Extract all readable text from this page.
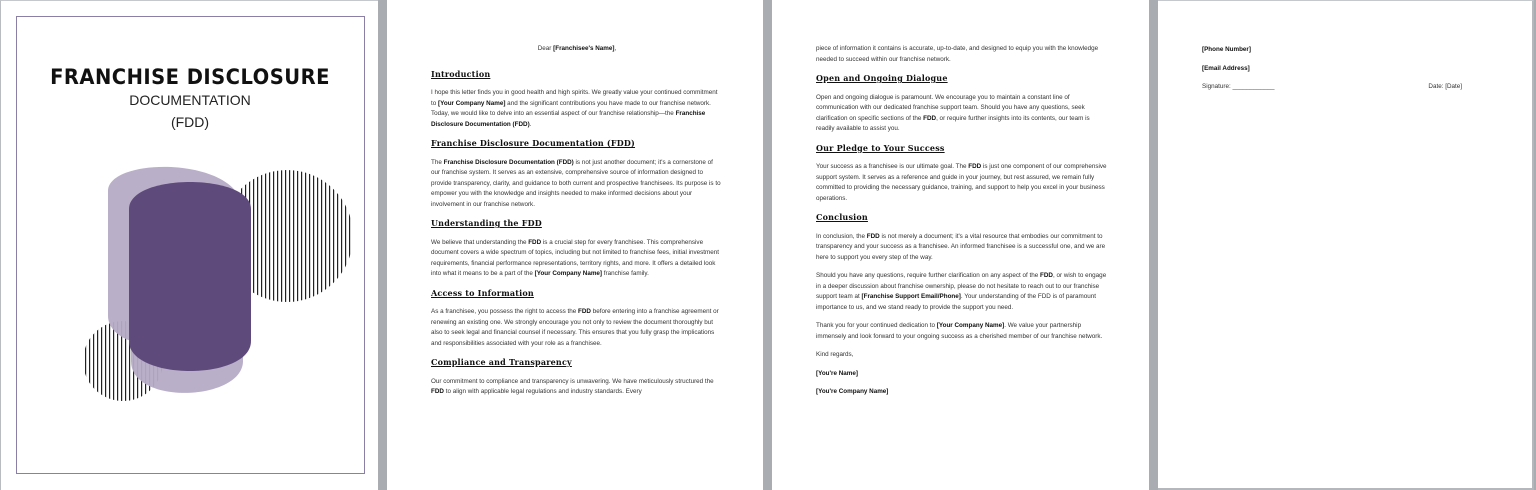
FRANCHISE DISCLOSURE
DOCUMENTATION
(FDD)

Dear [Franchisee's Name],

Introduction

I hope this letter finds you in good health and high spirits. We greatly value your continued commitment to [Your Company Name] and the significant contributions you have made to our franchise network. Today, we would like to delve into an essential aspect of our franchise relationship—the Franchise Disclosure Documentation (FDD).

Franchise Disclosure Documentation (FDD)

The Franchise Disclosure Documentation (FDD) is not just another document; it's a cornerstone of our franchise system. It serves as an extensive, comprehensive source of information designed to provide transparency, clarity, and guidance to both current and prospective franchisees. Its purpose is to empower you with the knowledge and insights needed to make informed decisions about your involvement in our franchise network.

Understanding the FDD

We believe that understanding the FDD is a crucial step for every franchisee. This comprehensive document covers a wide spectrum of topics, including but not limited to franchise fees, initial investment requirements, financial performance representations, territory rights, and more. It offers a detailed look into what it means to be a part of the [Your Company Name] franchise family.

Access to Information

As a franchisee, you possess the right to access the FDD before entering into a franchise agreement or renewing an existing one. We strongly encourage you not only to review the document thoroughly but also to seek legal and financial counsel if necessary. This ensures that you fully grasp the implications and responsibilities associated with your role as a franchisee.

Compliance and Transparency

Our commitment to compliance and transparency is unwavering. We have meticulously structured the FDD to align with applicable legal regulations and industry standards. Every

piece of information it contains is accurate, up-to-date, and designed to equip you with the knowledge needed to succeed within our franchise network.

Open and Ongoing Dialogue

Open and ongoing dialogue is paramount. We encourage you to maintain a constant line of communication with our dedicated franchise support team. Should you have any questions, seek clarification on specific sections of the FDD, or require further insights into its contents, our team is readily available to assist you.

Our Pledge to Your Success

Your success as a franchisee is our ultimate goal. The FDD is just one component of our comprehensive support system. It serves as a reference and guide in your journey, but rest assured, we remain fully committed to providing the necessary guidance, training, and support to help you excel in your business operations.

Conclusion

In conclusion, the FDD is not merely a document; it's a vital resource that embodies our commitment to transparency and your success as a franchisee. An informed franchisee is a successful one, and we are here to support you every step of the way.

Should you have any questions, require further clarification on any aspect of the FDD, or wish to engage in a deeper discussion about franchise ownership, please do not hesitate to reach out to our franchise support team at [Franchise Support Email/Phone]. Your understanding of the FDD is of paramount importance to us, and we stand ready to provide the support you need.

Thank you for your continued dedication to [Your Company Name]. We value your partnership immensely and look forward to your ongoing success as a cherished member of our franchise network.

Kind regards,

[You're Name]

[You're Company Name]

[Phone Number]

[Email Address]

Signature: ____________	Date: [Date]
